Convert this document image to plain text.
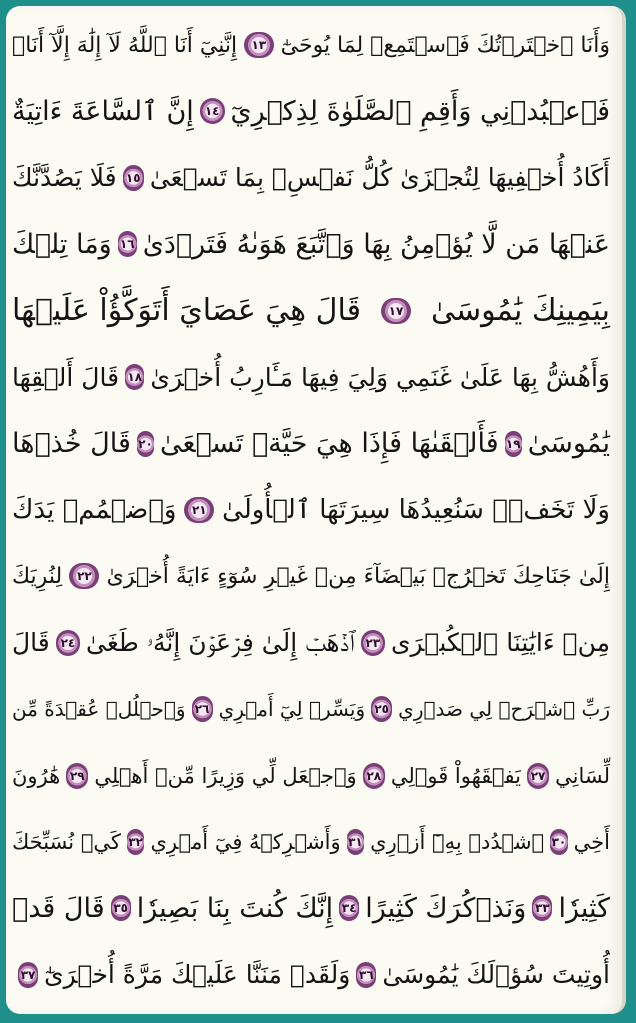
وَأَنَا ٱخۡتَرۡتُكَ فَٱسۡتَمِعۡ لِمَا يُوحَىٰٓ
١٣
إِنَّنِيٓ أَنَا ٱللَّهُ لَآ إِلَٰهَ إِلَّآ أَنَا۠
فَٱعۡبُدۡنِي وَأَقِمِ ٱلصَّلَوٰةَ لِذِكۡرِيٓ
١٤
إِنَّ ٱلسَّاعَةَ ءَاتِيَةٌ
أَكَادُ أُخۡفِيهَا لِتُجۡزَىٰ كُلُّ نَفۡسِۭ بِمَا تَسۡعَىٰ
١٥
فَلَا يَصُدَّنَّكَ
عَنۡهَا مَن لَّا يُؤۡمِنُ بِهَا وَٱتَّبَعَ هَوَىٰهُ فَتَرۡدَىٰ
١٦
وَمَا تِلۡكَ
بِيَمِينِكَ يَٰمُوسَىٰ
١٧
قَالَ هِيَ عَصَايَ أَتَوَكَّؤُاْ عَلَيۡهَا
وَأَهُشُّ بِهَا عَلَىٰ غَنَمِي وَلِيَ فِيهَا مَـَٔارِبُ أُخۡرَىٰ
١٨
قَالَ أَلۡقِهَا
يَٰمُوسَىٰ
١٩
فَأَلۡقَىٰهَا فَإِذَا هِيَ حَيَّةٞ تَسۡعَىٰ
٢٠
قَالَ خُذۡهَا
وَلَا تَخَفۡۖ سَنُعِيدُهَا سِيرَتَهَا ٱلۡأُولَىٰ
٢١
وَٱضۡمُمۡ يَدَكَ
إِلَىٰ جَنَاحِكَ تَخۡرُجۡ بَيۡضَآءَ مِنۡ غَيۡرِ سُوٓءٍ ءَايَةً أُخۡرَىٰ
٢٢
لِنُرِيَكَ
مِنۡ ءَايَٰتِنَا ٱلۡكُبۡرَى
٢٣
ٱذۡهَبۡ إِلَىٰ فِرۡعَوۡنَ إِنَّهُۥ طَغَىٰ
٢٤
قَالَ
رَبِّ ٱشۡرَحۡ لِي صَدۡرِي
٢٥
وَيَسِّرۡ لِيٓ أَمۡرِي
٢٦
وَٱحۡلُلۡ عُقۡدَةً مِّن
لِّسَانِي
٢٧
يَفۡقَهُواْ قَوۡلِي
٢٨
وَٱجۡعَل لِّي وَزِيرًا مِّنۡ أَهۡلِي
٢٩
هَٰرُونَ
أَخِي
٣٠
ٱشۡدُدۡ بِهِۦٓ أَزۡرِي
٣١
وَأَشۡرِكۡهُ فِيٓ أَمۡرِي
٣٢
كَيۡ نُسَبِّحَكَ
كَثِيرٗا
٣٣
وَنَذۡكُرَكَ كَثِيرًا
٣٤
إِنَّكَ كُنتَ بِنَا بَصِيرٗا
٣٥
قَالَ قَدۡ
أُوتِيتَ سُؤۡلَكَ يَٰمُوسَىٰ
٣٦
وَلَقَدۡ مَنَنَّا عَلَيۡكَ مَرَّةً أُخۡرَىٰٓ
٣٧
